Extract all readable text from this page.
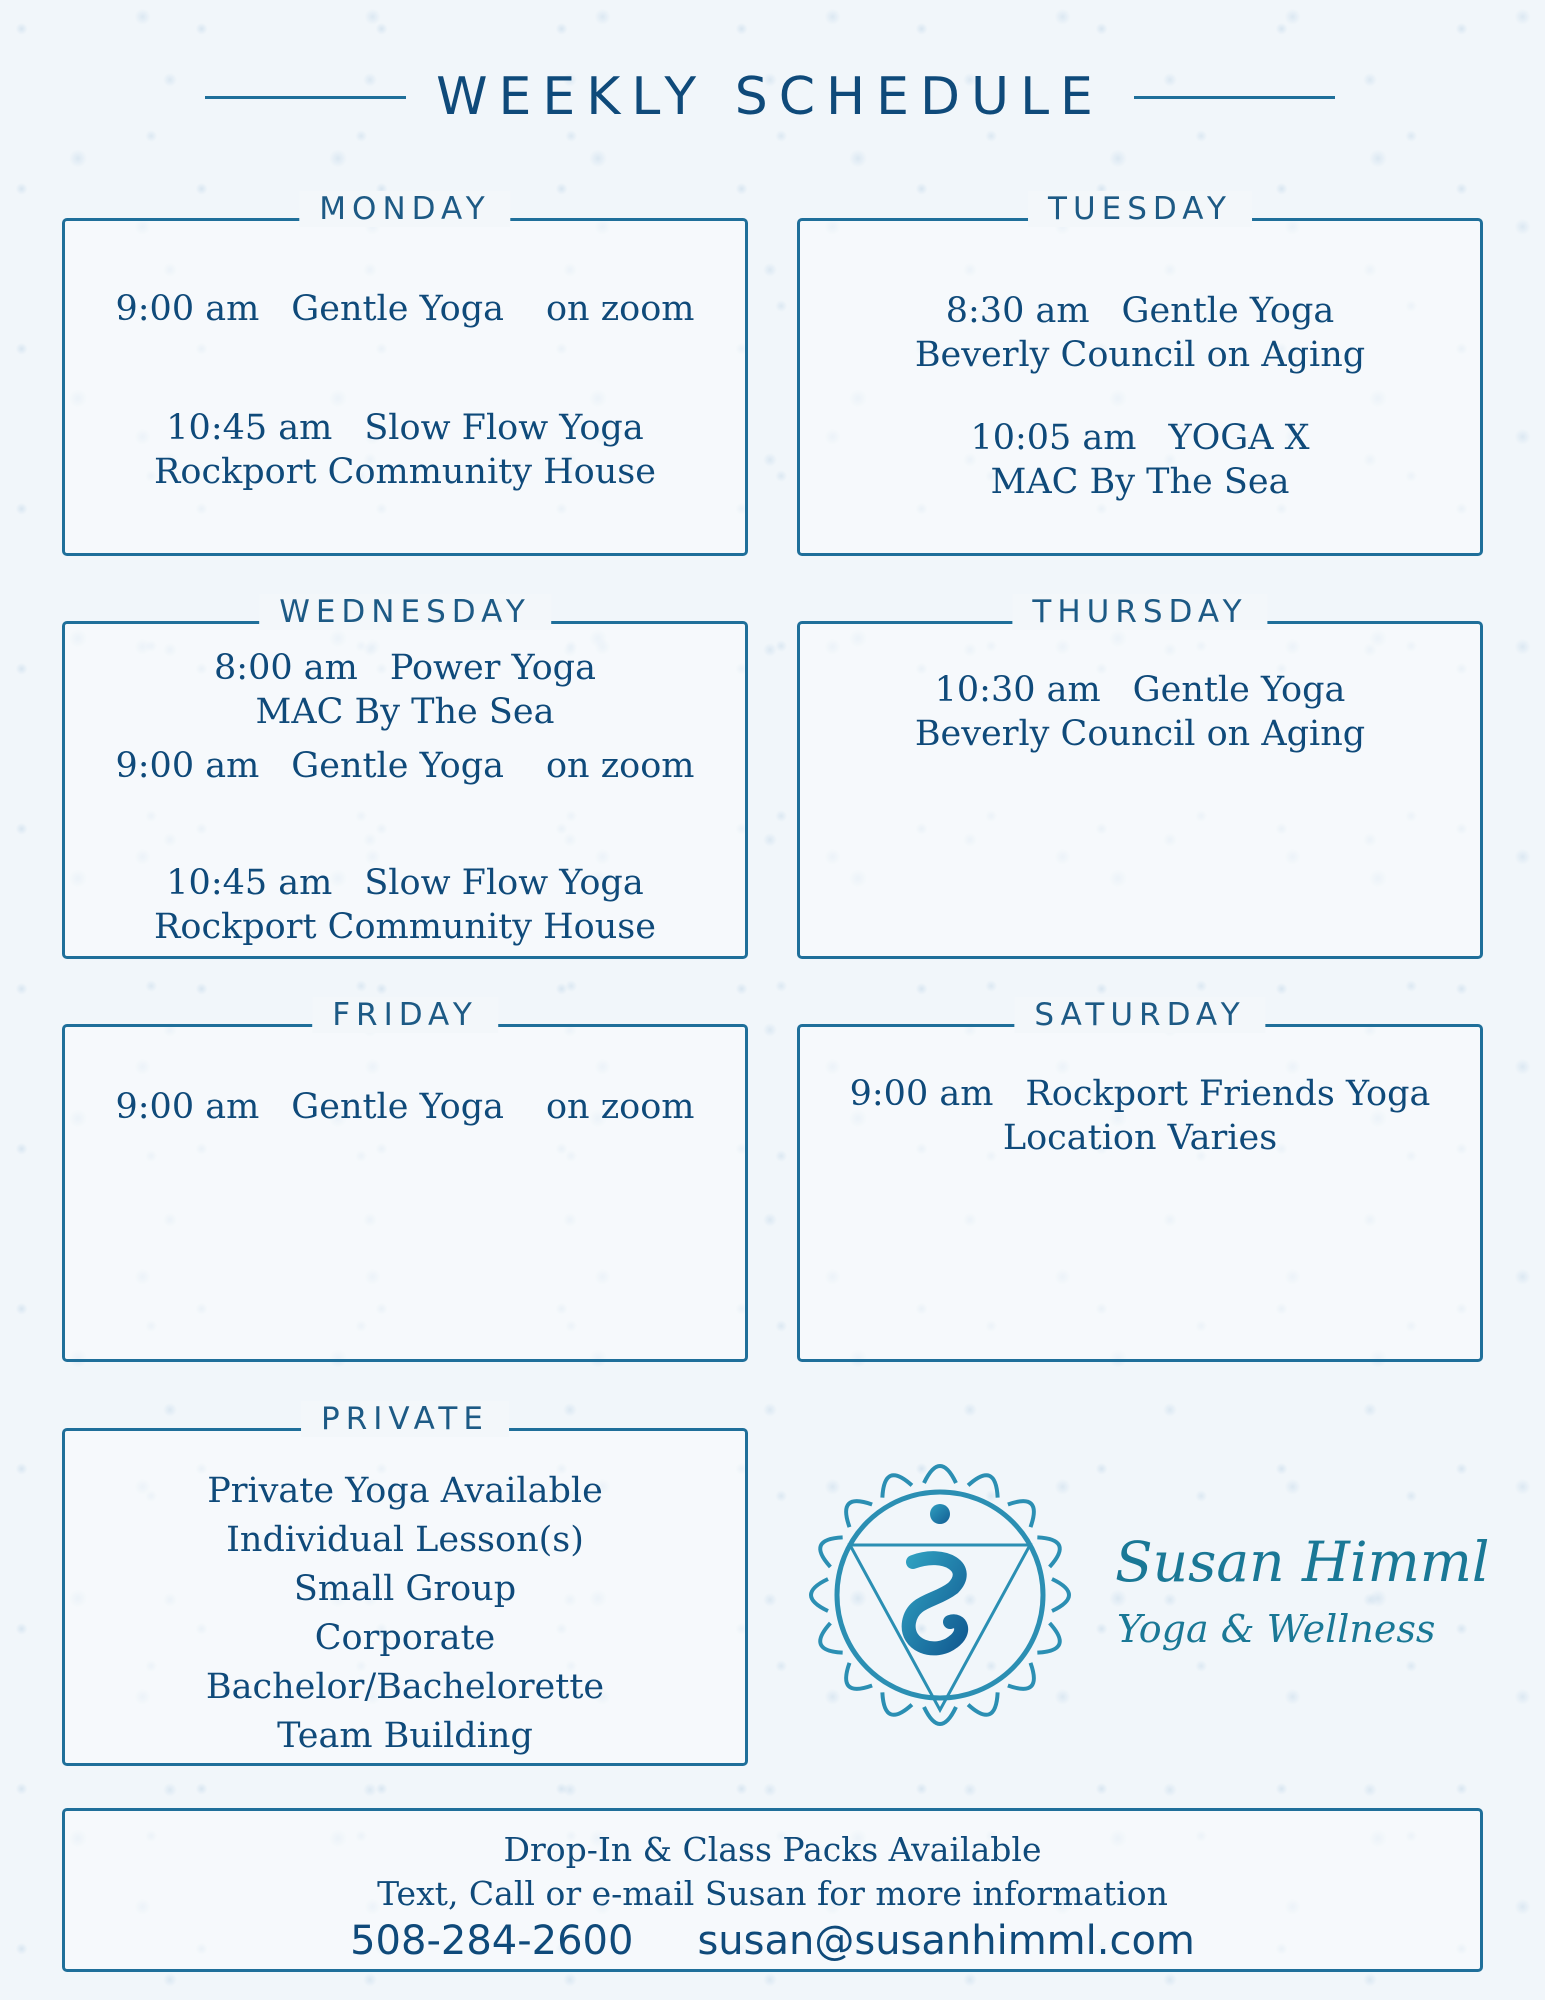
WEEKLY SCHEDULE
MONDAY
9:00 am Gentle Yoga on zoom
10:45 am Slow Flow Yoga
Rockport Community House
TUESDAY
8:30 am Gentle Yoga
Beverly Council on Aging
10:05 am YOGA X
MAC By The Sea
WEDNESDAY
8:00 am Power Yoga
MAC By The Sea
9:00 am Gentle Yoga on zoom
10:45 am Slow Flow Yoga
Rockport Community House
THURSDAY
10:30 am Gentle Yoga
Beverly Council on Aging
FRIDAY
9:00 am Gentle Yoga on zoom
SATURDAY
9:00 am Rockport Friends Yoga
Location Varies
PRIVATE
Private Yoga Available
Individual Lesson(s)
Small Group
Corporate
Bachelor/Bachelorette
Team Building
Susan Himml
Yoga & Wellness
Drop-In & Class Packs Available
Text, Call or e-mail Susan for more information
508-284-2600 susan@susanhimml.com
